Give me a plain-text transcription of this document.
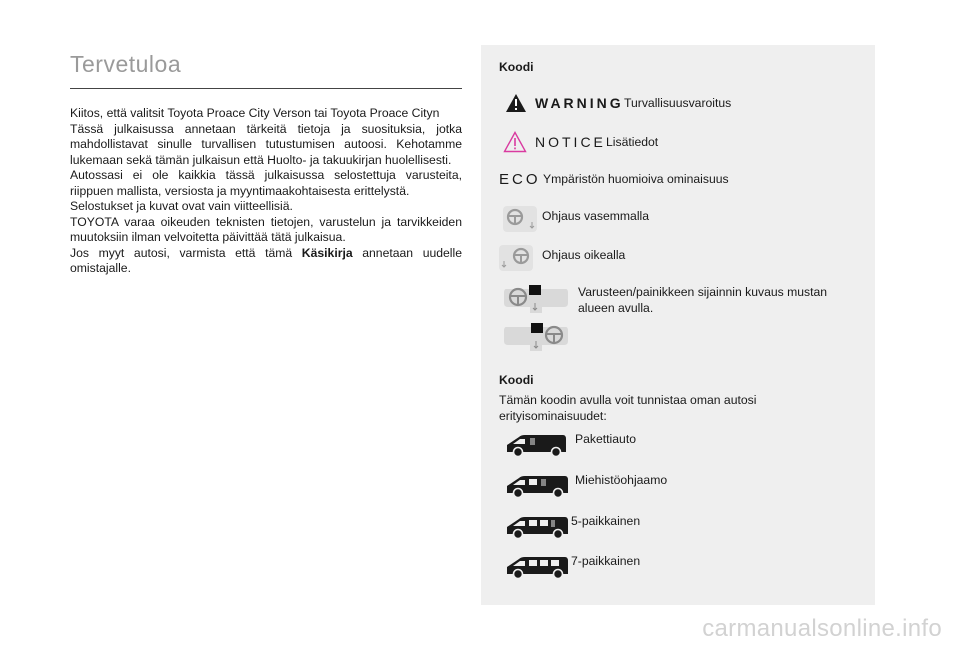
Tervetuloa

Kiitos, että valitsit Toyota Proace City Verson tai Toyota Proace Cityn

Tässä julkaisussa annetaan tärkeitä tietoja ja suosituksia, jotka mahdollistavat sinulle turvallisen tutustumisen autoosi. Kehotamme lukemaan sekä tämän julkaisun että Huolto- ja takuukirjan huolellisesti.

Autossasi ei ole kaikkia tässä julkaisussa selostettuja varusteita, riippuen mallista, versiosta ja myyntimaakohtaisesta erittelystä.

Selostukset ja kuvat ovat vain viitteellisiä.

TOYOTA varaa oikeuden teknisten tietojen, varustelun ja tarvikkeiden muutoksiin ilman velvoitetta päivittää tätä julkaisua.

Jos myyt autosi, varmista että tämä Käsikirja annetaan uudelle omistajalle.

Koodi
WARNING Turvallisuusvaroitus
NOTICE Lisätiedot
ECO Ympäristön huomioiva ominaisuus
Ohjaus vasemmalla
Ohjaus oikealla
Varusteen/painikkeen sijainnin kuvaus mustan alueen avulla.
Koodi
Tämän koodin avulla voit tunnistaa oman autosi erityisominaisuudet:
Pakettiauto
Miehistöohjaamo
5-paikkainen
7-paikkainen
carmanualsonline.info
